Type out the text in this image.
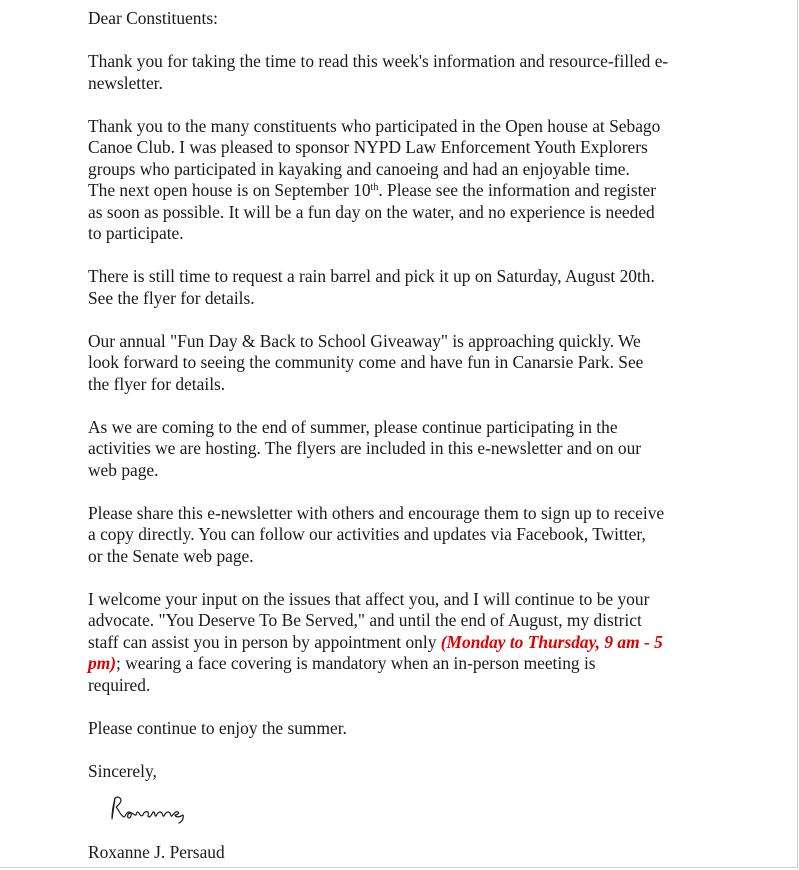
Dear Constituents:

Thank you for taking the time to read this week's information and resource-filled e-
newsletter.

Thank you to the many constituents who participated in the Open house at Sebago
Canoe Club. I was pleased to sponsor NYPD Law Enforcement Youth Explorers
groups who participated in kayaking and canoeing and had an enjoyable time.
The next open house is on September 10th. Please see the information and register
as soon as possible. It will be a fun day on the water, and no experience is needed
to participate.

There is still time to request a rain barrel and pick it up on Saturday, August 20th.
See the flyer for details.

Our annual "Fun Day & Back to School Giveaway" is approaching quickly. We
look forward to seeing the community come and have fun in Canarsie Park. See
the flyer for details.

As we are coming to the end of summer, please continue participating in the
activities we are hosting. The flyers are included in this e-newsletter and on our
web page.

Please share this e-newsletter with others and encourage them to sign up to receive
a copy directly. You can follow our activities and updates via Facebook, Twitter,
or the Senate web page.

I welcome your input on the issues that affect you, and I will continue to be your
advocate. "You Deserve To Be Served," and until the end of August, my district
staff can assist you in person by appointment only (Monday to Thursday, 9 am - 5
pm); wearing a face covering is mandatory when an in-person meeting is
required.

Please continue to enjoy the summer.

Sincerely,

Roxanne J. Persaud
